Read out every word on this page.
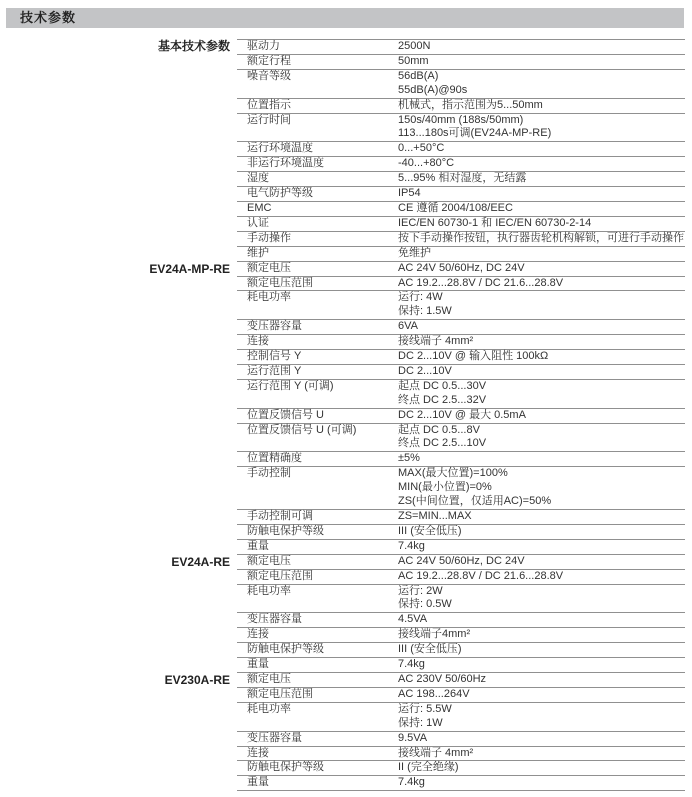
技术参数
基本技术参数	驱动力	2500N
额定行程	50mm
噪音等级	56dB(A)
55dB(A)@90s
位置指示	机械式，指示范围为5...50mm
运行时间	150s/40mm (188s/50mm)
113...180s可调(EV24A-MP-RE)
运行环境温度	0...+50°C
非运行环境温度	-40...+80°C
湿度	5...95% 相对湿度，无结露
电气防护等级	IP54
EMC	CE 遵循 2004/108/EEC
认证	IEC/EN 60730-1 和 IEC/EN 60730-2-14
手动操作	按下手动操作按钮，执行器齿轮机构解锁，可进行手动操作
维护	免维护
EV24A-MP-RE	额定电压	AC 24V 50/60Hz, DC 24V
额定电压范围	AC 19.2...28.8V / DC 21.6...28.8V
耗电功率	运行: 4W
保持: 1.5W
变压器容量	6VA
连接	接线端子 4mm²
控制信号 Y	DC 2...10V @ 输入阻性 100kΩ
运行范围 Y	DC 2...10V
运行范围 Y (可调)	起点 DC 0.5...30V
终点 DC 2.5...32V
位置反馈信号 U	DC 2...10V @ 最大 0.5mA
位置反馈信号 U (可调)	起点 DC 0.5...8V
终点 DC 2.5...10V
位置精确度	±5%
手动控制	MAX(最大位置)=100%
MIN(最小位置)=0%
ZS(中间位置，仅适用AC)=50%
手动控制可调	ZS=MIN...MAX
防触电保护等级	III (安全低压)
重量	7.4kg
EV24A-RE	额定电压	AC 24V 50/60Hz, DC 24V
额定电压范围	AC 19.2...28.8V / DC 21.6...28.8V
耗电功率	运行: 2W
保持: 0.5W
变压器容量	4.5VA
连接	接线端子4mm²
防触电保护等级	III (安全低压)
重量	7.4kg
EV230A-RE	额定电压	AC 230V 50/60Hz
额定电压范围	AC 198...264V
耗电功率	运行: 5.5W
保持: 1W
变压器容量	9.5VA
连接	接线端子 4mm²
防触电保护等级	II (完全绝缘)
重量	7.4kg
